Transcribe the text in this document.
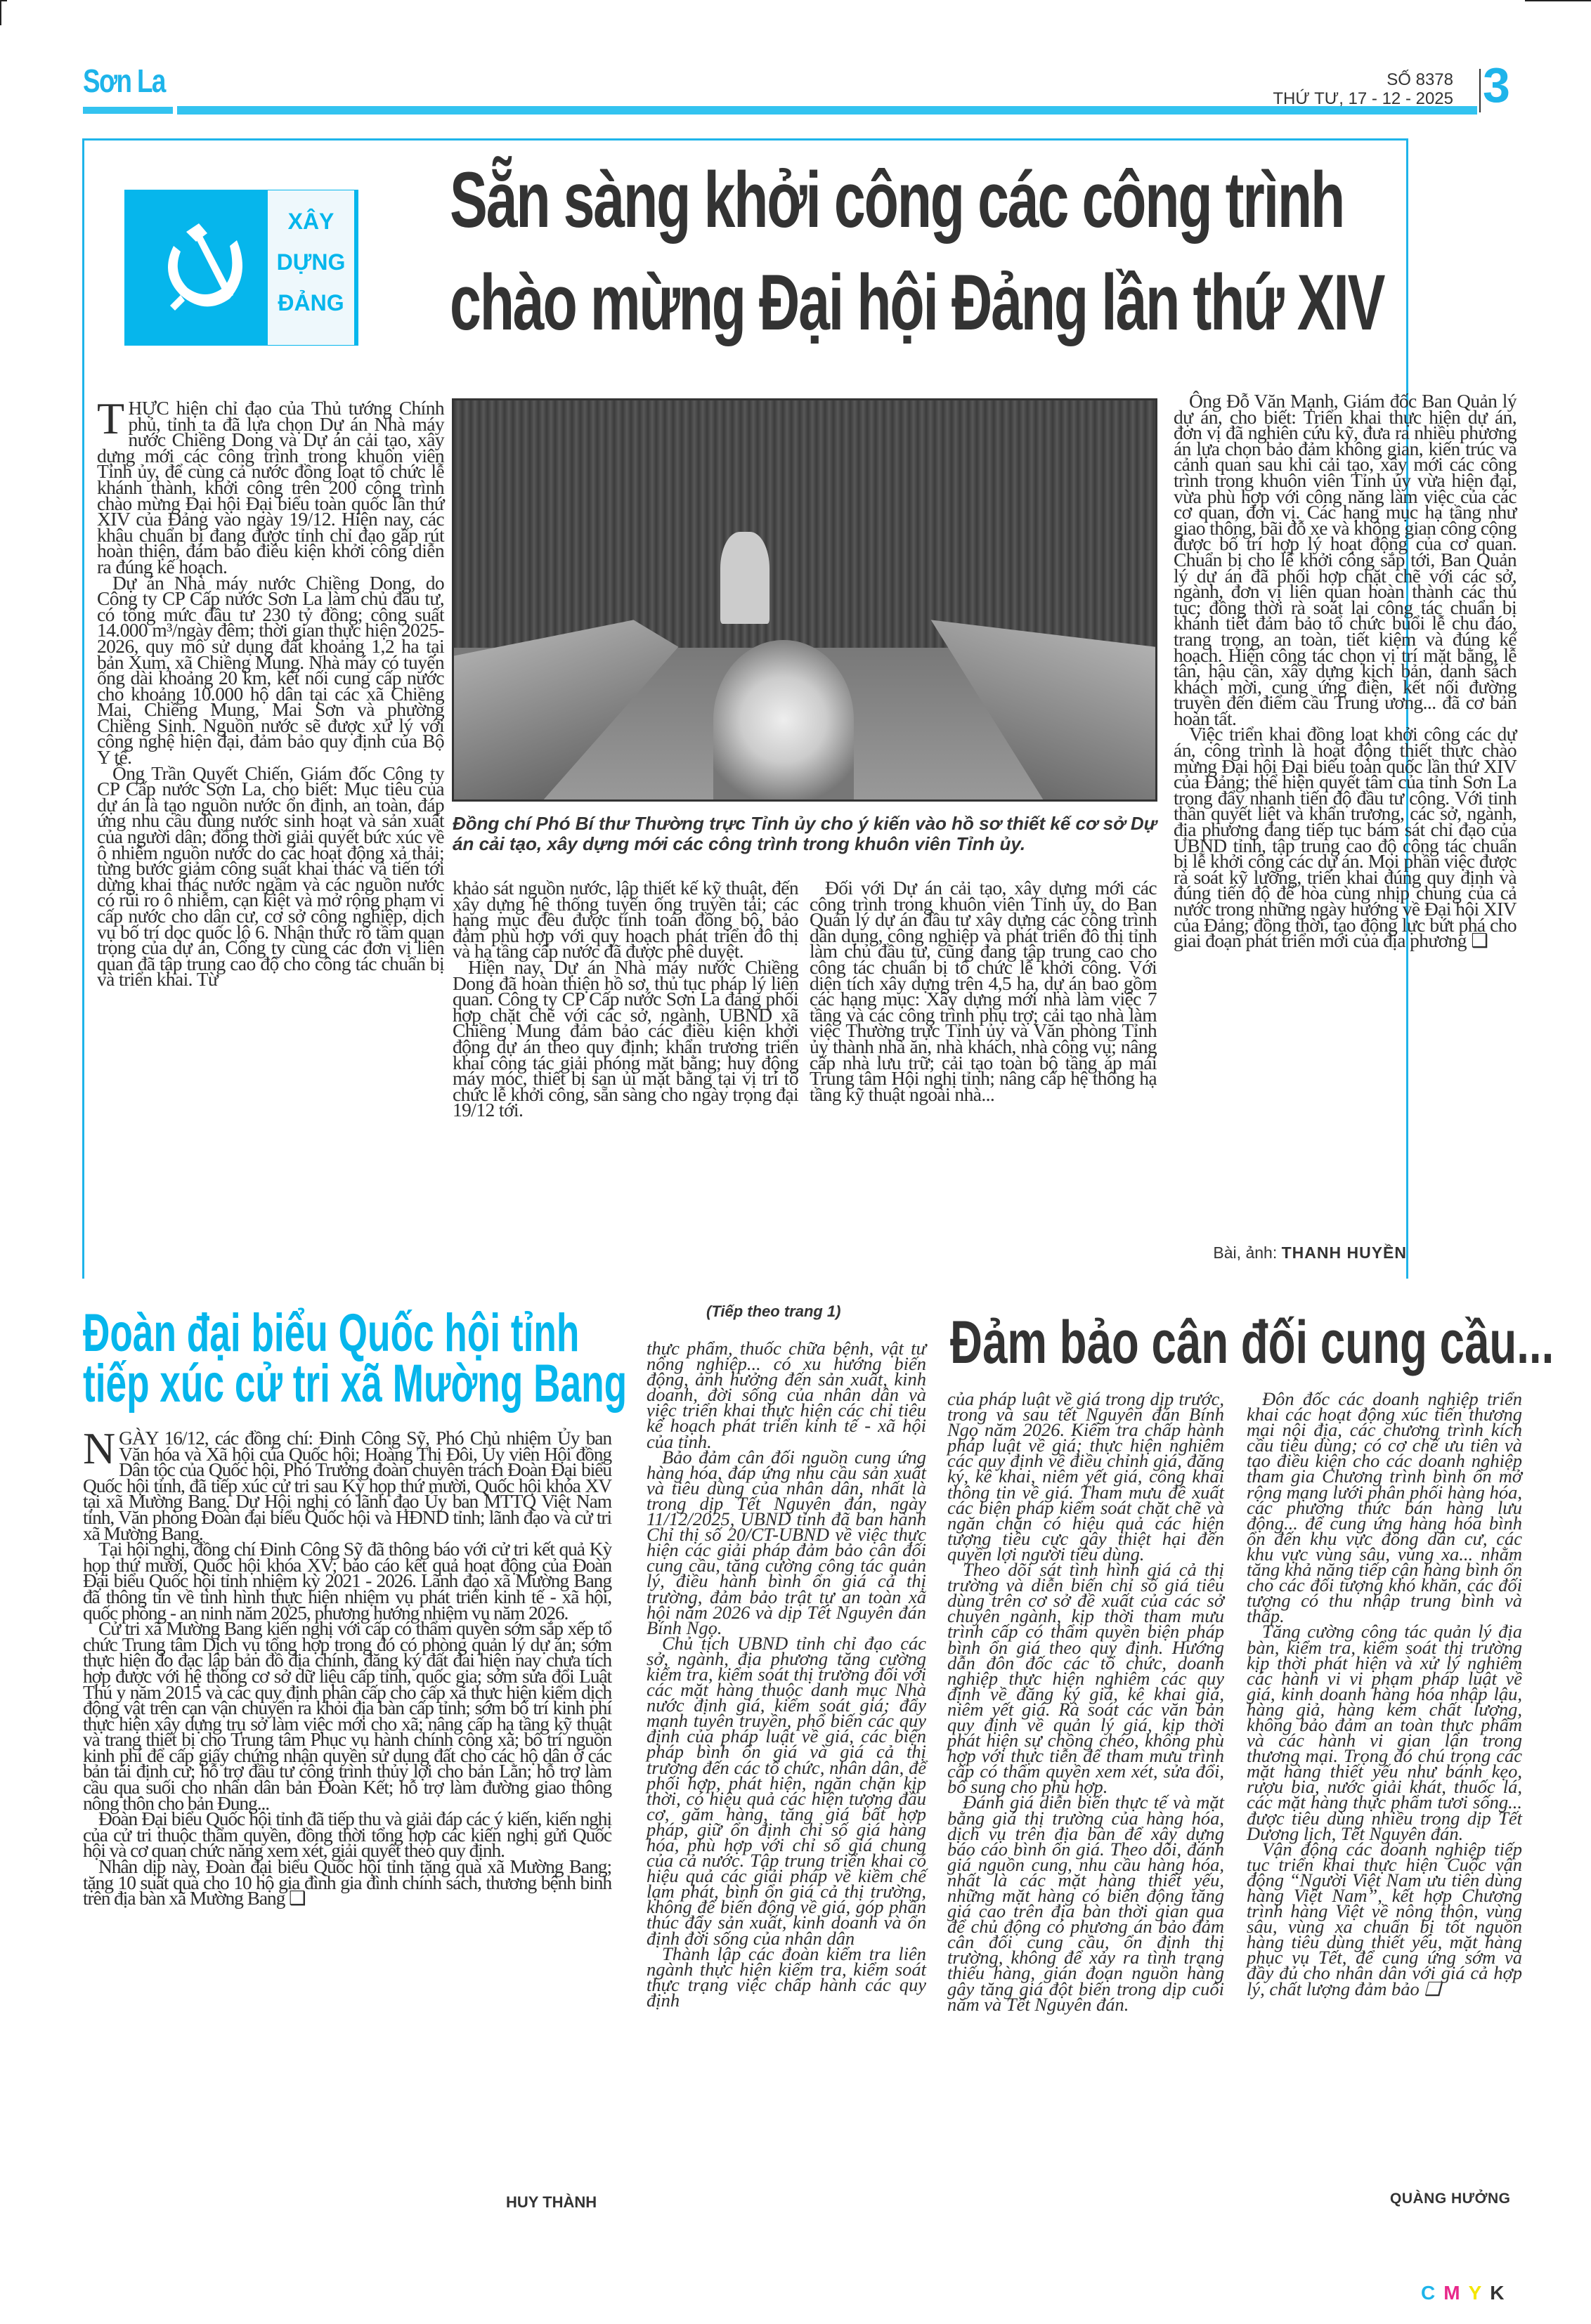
Sơn La	SỐ 8378
THỨ TƯ, 17 - 12 - 2025 3
XÂY
DỰNG
ĐẢNG
Sẵn sàng khởi công các công trình
chào mừng Đại hội Đảng lần thứ XIV

THỰC hiện chỉ đạo của Thủ tướng Chính phủ, tỉnh ta đã lựa chọn Dự án Nhà máy nước Chiềng Dong và Dự án cải tạo, xây dựng mới các công trình trong khuôn viên Tỉnh ủy, để cùng cả nước đồng loạt tổ chức lễ khánh thành, khởi công trên 200 công trình chào mừng Đại hội Đại biểu toàn quốc lần thứ XIV của Đảng vào ngày 19/12. Hiện nay, các khâu chuẩn bị đang được tỉnh chỉ đạo gấp rút hoàn thiện, đảm bảo điều kiện khởi công diễn ra đúng kế hoạch.

Dự án Nhà máy nước Chiềng Dong, do Công ty CP Cấp nước Sơn La làm chủ đầu tư, có tổng mức đầu tư 230 tỷ đồng; công suất 14.000 m³/ngày đêm; thời gian thực hiện 2025-2026, quy mô sử dụng đất khoảng 1,2 ha tại bản Xum, xã Chiềng Mung. Nhà máy có tuyến ống dài khoảng 20 km, kết nối cung cấp nước cho khoảng 10.000 hộ dân tại các xã Chiềng Mai, Chiềng Mung, Mai Sơn và phường Chiềng Sinh. Nguồn nước sẽ được xử lý với công nghệ hiện đại, đảm bảo quy định của Bộ Y tế.

Ông Trần Quyết Chiến, Giám đốc Công ty CP Cấp nước Sơn La, cho biết: Mục tiêu của dự án là tạo nguồn nước ổn định, an toàn, đáp ứng nhu cầu dùng nước sinh hoạt và sản xuất của người dân; đồng thời giải quyết bức xúc về ô nhiễm nguồn nước do các hoạt động xả thải; từng bước giảm công suất khai thác và tiến tới dừng khai thác nước ngầm và các nguồn nước có rủi ro ô nhiễm, cạn kiệt và mở rộng phạm vi cấp nước cho dân cư, cơ sở công nghiệp, dịch vụ bố trí dọc quốc lộ 6. Nhận thức rõ tầm quan trọng của dự án, Công ty cùng các đơn vị liên quan đã tập trung cao độ cho công tác chuẩn bị và triển khai. Từ

Đồng chí Phó Bí thư Thường trực Tỉnh ủy cho ý kiến vào hồ sơ thiết kế cơ sở Dự án cải tạo, xây dựng mới các công trình trong khuôn viên Tỉnh ủy.

khảo sát nguồn nước, lập thiết kế kỹ thuật, đến xây dựng hệ thống tuyến ống truyền tải; các hạng mục đều được tính toán đồng bộ, bảo đảm phù hợp với quy hoạch phát triển đô thị và hạ tầng cấp nước đã được phê duyệt.

Hiện nay, Dự án Nhà máy nước Chiềng Dong đã hoàn thiện hồ sơ, thủ tục pháp lý liên quan. Công ty CP Cấp nước Sơn La đang phối hợp chặt chẽ với các sở, ngành, UBND xã Chiềng Mung đảm bảo các điều kiện khởi động dự án theo quy định; khẩn trương triển khai công tác giải phóng mặt bằng; huy động máy móc, thiết bị san ủi mặt bằng tại vị trí tổ chức lễ khởi công, sẵn sàng cho ngày trọng đại 19/12 tới.

Đối với Dự án cải tạo, xây dựng mới các công trình trong khuôn viên Tỉnh ủy, do Ban Quản lý dự án đầu tư xây dựng các công trình dân dụng, công nghiệp và phát triển đô thị tỉnh làm chủ đầu tư, cũng đang tập trung cao cho công tác chuẩn bị tổ chức lễ khởi công. Với diện tích xây dựng trên 4,5 ha, dự án bao gồm các hạng mục: Xây dựng mới nhà làm việc 7 tầng và các công trình phụ trợ; cải tạo nhà làm việc Thường trực Tỉnh ủy và Văn phòng Tỉnh ủy thành nhà ăn, nhà khách, nhà công vụ; nâng cấp nhà lưu trữ; cải tạo toàn bộ tầng áp mái Trung tâm Hội nghị tỉnh; nâng cấp hệ thống hạ tầng kỹ thuật ngoài nhà...

Ông Đỗ Văn Mạnh, Giám đốc Ban Quản lý dự án, cho biết: Triển khai thực hiện dự án, đơn vị đã nghiên cứu kỹ, đưa ra nhiều phương án lựa chọn bảo đảm không gian, kiến trúc và cảnh quan sau khi cải tạo, xây mới các công trình trong khuôn viên Tỉnh ủy vừa hiện đại, vừa phù hợp với công năng làm việc của các cơ quan, đơn vị. Các hạng mục hạ tầng như giao thông, bãi đỗ xe và không gian công cộng được bố trí hợp lý hoạt động của cơ quan. Chuẩn bị cho lễ khởi công sắp tới, Ban Quản lý dự án đã phối hợp chặt chẽ với các sở, ngành, đơn vị liên quan hoàn thành các thủ tục; đồng thời rà soát lại công tác chuẩn bị khánh tiết đảm bảo tổ chức buổi lễ chu đáo, trang trọng, an toàn, tiết kiệm và đúng kế hoạch. Hiện công tác chọn vị trí mặt bằng, lễ tân, hậu cần, xây dựng kịch bản, danh sách khách mời, cung ứng điện, kết nối đường truyền đến điểm cầu Trung ương... đã cơ bản hoàn tất.

Việc triển khai đồng loạt khởi công các dự án, công trình là hoạt động thiết thực chào mừng Đại hội Đại biểu toàn quốc lần thứ XIV của Đảng; thể hiện quyết tâm của tỉnh Sơn La trong đẩy nhanh tiến độ đầu tư công. Với tinh thần quyết liệt và khẩn trương, các sở, ngành, địa phương đang tiếp tục bám sát chỉ đạo của UBND tỉnh, tập trung cao độ công tác chuẩn bị lễ khởi công các dự án. Mọi phần việc được rà soát kỹ lưỡng, triển khai đúng quy định và đúng tiến độ để hòa cùng nhịp chung của cả nước trong những ngày hướng về Đại hội XIV của Đảng; đồng thời, tạo động lực bứt phá cho giai đoạn phát triển mới của địa phương ❑

Bài, ảnh: THANH HUYỀN
Đoàn đại biểu Quốc hội tỉnh
tiếp xúc cử tri xã Mường Bang

NGÀY 16/12, các đồng chí: Đinh Công Sỹ, Phó Chủ nhiệm Ủy ban Văn hóa và Xã hội của Quốc hội; Hoàng Thị Đôi, Ủy viên Hội đồng Dân tộc của Quốc hội, Phó Trưởng đoàn chuyên trách Đoàn Đại biểu Quốc hội tỉnh, đã tiếp xúc cử tri sau Kỳ họp thứ mười, Quốc hội khóa XV tại xã Mường Bang. Dự Hội nghị có lãnh đạo Ủy ban MTTQ Việt Nam tỉnh, Văn phòng Đoàn đại biểu Quốc hội và HĐND tỉnh; lãnh đạo và cử tri xã Mường Bang.

Tại hội nghị, đồng chí Đinh Công Sỹ đã thông báo với cử tri kết quả Kỳ họp thứ mười, Quốc hội khóa XV; báo cáo kết quả hoạt động của Đoàn Đại biểu Quốc hội tỉnh nhiệm kỳ 2021 - 2026. Lãnh đạo xã Mường Bang đã thông tin về tình hình thực hiện nhiệm vụ phát triển kinh tế - xã hội, quốc phòng - an ninh năm 2025, phương hướng nhiệm vụ năm 2026.

Cử tri xã Mường Bang kiến nghị với cấp có thẩm quyền sớm sắp xếp tổ chức Trung tâm Dịch vụ tổng hợp trong đó có phòng quản lý dự án; sớm thực hiện đo đạc lập bản đồ địa chính, đăng ký đất đai hiện nay chưa tích hợp được với hệ thống cơ sở dữ liệu cấp tỉnh, quốc gia; sớm sửa đổi Luật Thú y năm 2015 và các quy định phân cấp cho cấp xã thực hiện kiểm dịch động vật trên cạn vận chuyển ra khỏi địa bàn cấp tỉnh; sớm bố trí kinh phí thực hiện xây dựng trụ sở làm việc mới cho xã; nâng cấp hạ tầng kỹ thuật và trang thiết bị cho Trung tâm Phục vụ hành chính công xã; bố trí nguồn kinh phí để cấp giấy chứng nhận quyền sử dụng đất cho các hộ dân ở các bản tái định cư; hỗ trợ đầu tư công trình thủy lợi cho bản Lằn; hỗ trợ làm cầu qua suối cho nhân dân bản Đoàn Kết; hỗ trợ làm đường giao thông nông thôn cho bản Đung...

Đoàn Đại biểu Quốc hội tỉnh đã tiếp thu và giải đáp các ý kiến, kiến nghị của cử tri thuộc thẩm quyền, đồng thời tổng hợp các kiến nghị gửi Quốc hội và cơ quan chức năng xem xét, giải quyết theo quy định.

Nhân dịp này, Đoàn đại biểu Quốc hội tỉnh tặng quà xã Mường Bang; tặng 10 suất quà cho 10 hộ gia đình gia đình chính sách, thương bệnh binh trên địa bàn xã Mường Bang ❑

HUY THÀNH
(Tiếp theo trang 1) Đảm bảo cân đối cung cầu...

thực phẩm, thuốc chữa bệnh, vật tư nông nghiệp... có xu hướng biến động, ảnh hưởng đến sản xuất, kinh doanh, đời sống của nhân dân và việc triển khai thực hiện các chỉ tiêu kế hoạch phát triển kinh tế - xã hội của tỉnh.

Bảo đảm cân đối nguồn cung ứng hàng hóa, đáp ứng nhu cầu sản xuất và tiêu dùng của nhân dân, nhất là trong dịp Tết Nguyên đán, ngày 11/12/2025, UBND tỉnh đã ban hành Chỉ thị số 20/CT-UBND về việc thực hiện các giải pháp đảm bảo cân đối cung cầu, tăng cường công tác quản lý, điều hành bình ổn giá cả thị trường, đảm bảo trật tự an toàn xã hội năm 2026 và dịp Tết Nguyên đán Bính Ngọ.

Chủ tịch UBND tỉnh chỉ đạo các sở, ngành, địa phương tăng cường kiểm tra, kiểm soát thị trường đối với các mặt hàng thuộc danh mục Nhà nước định giá, kiểm soát giá; đẩy mạnh tuyên truyền, phổ biến các quy định của pháp luật về giá, các biện pháp bình ổn giá và giá cả thị trường đến các tổ chức, nhân dân, để phối hợp, phát hiện, ngăn chặn kịp thời, có hiệu quả các hiện tượng đầu cơ, găm hàng, tăng giá bất hợp pháp, giữ ổn định chỉ số giá hàng hóa, phù hợp với chỉ số giá chung của cả nước. Tập trung triển khai có hiệu quả các giải pháp về kiềm chế lạm phát, bình ổn giá cả thị trường, không để biến động về giá, góp phần thúc đẩy sản xuất, kinh doanh và ổn định đời sống của nhân dân

Thành lập các đoàn kiểm tra liên ngành thực hiện kiểm tra, kiểm soát thực trạng việc chấp hành các quy định

của pháp luật về giá trong dịp trước, trong và sau tết Nguyên đán Bính Ngọ năm 2026. Kiểm tra chấp hành pháp luật về giá; thực hiện nghiêm các quy định về điều chỉnh giá, đăng ký, kê khai, niêm yết giá, công khai thông tin về giá. Tham mưu đề xuất các biện pháp kiểm soát chặt chẽ và ngăn chặn có hiệu quả các hiện tượng tiêu cực gây thiệt hại đến quyền lợi người tiêu dùng.

Theo dõi sát tình hình giá cả thị trường và diễn biến chỉ số giá tiêu dùng trên cơ sở đề xuất của các sở chuyên ngành, kịp thời tham mưu trình cấp có thẩm quyền biện pháp bình ổn giá theo quy định. Hướng dẫn đôn đốc các tổ chức, doanh nghiệp thực hiện nghiêm các quy định về đăng ký giá, kê khai giá, niêm yết giá. Rà soát các văn bản quy định về quản lý giá, kịp thời phát hiện sự chồng chéo, không phù hợp với thực tiễn để tham mưu trình cấp có thẩm quyền xem xét, sửa đổi, bổ sung cho phù hợp.

Đánh giá diễn biến thực tế và mặt bằng giá thị trường của hàng hóa, dịch vụ trên địa bàn để xây dựng báo cáo bình ổn giá. Theo dõi, đánh giá nguồn cung, nhu cầu hàng hóa, nhất là các mặt hàng thiết yếu, những mặt hàng có biến động tăng giá cao trên địa bàn thời gian qua để chủ động có phương án bảo đảm cân đối cung cầu, ổn định thị trường, không để xảy ra tình trạng thiếu hàng, gián đoạn nguồn hàng gây tăng giá đột biến trong dịp cuối năm và Tết Nguyên đán.

Đôn đốc các doanh nghiệp triển khai các hoạt động xúc tiến thương mại nội địa, các chương trình kích cầu tiêu dùng; có cơ chế ưu tiên và tạo điều kiện cho các doanh nghiệp tham gia Chương trình bình ổn mở rộng mạng lưới phân phối hàng hóa, các phương thức bán hàng lưu động... để cung ứng hàng hóa bình ổn đến khu vực đông dân cư, các khu vực vùng sâu, vùng xa... nhằm tăng khả năng tiếp cận hàng bình ổn cho các đối tượng khó khăn, các đối tượng có thu nhập trung bình và thấp.

Tăng cường công tác quản lý địa bàn, kiểm tra, kiểm soát thị trường kịp thời phát hiện và xử lý nghiêm các hành vi vi phạm pháp luật về giá, kinh doanh hàng hóa nhập lậu, hàng giả, hàng kém chất lượng, không bảo đảm an toàn thực phẩm và các hành vi gian lận trong thương mại. Trọng đó chú trọng các mặt hàng thiết yếu như bánh kẹo, rượu bia, nước giải khát, thuốc lá, các mặt hàng thực phẩm tươi sống... được tiêu dùng nhiều trong dịp Tết Dương lịch, Tết Nguyên đán.

Vận động các doanh nghiệp tiếp tục triển khai thực hiện Cuộc vận động “Người Việt Nam ưu tiên dùng hàng Việt Nam”, kết hợp Chương trình hàng Việt về nông thôn, vùng sâu, vùng xa chuẩn bị tốt nguồn hàng tiêu dùng thiết yếu, mặt hàng phục vụ Tết, để cung ứng sớm và đầy đủ cho nhân dân với giá cả hợp lý, chất lượng đảm bảo ❑

QUÀNG HƯỞNG
CMYK
